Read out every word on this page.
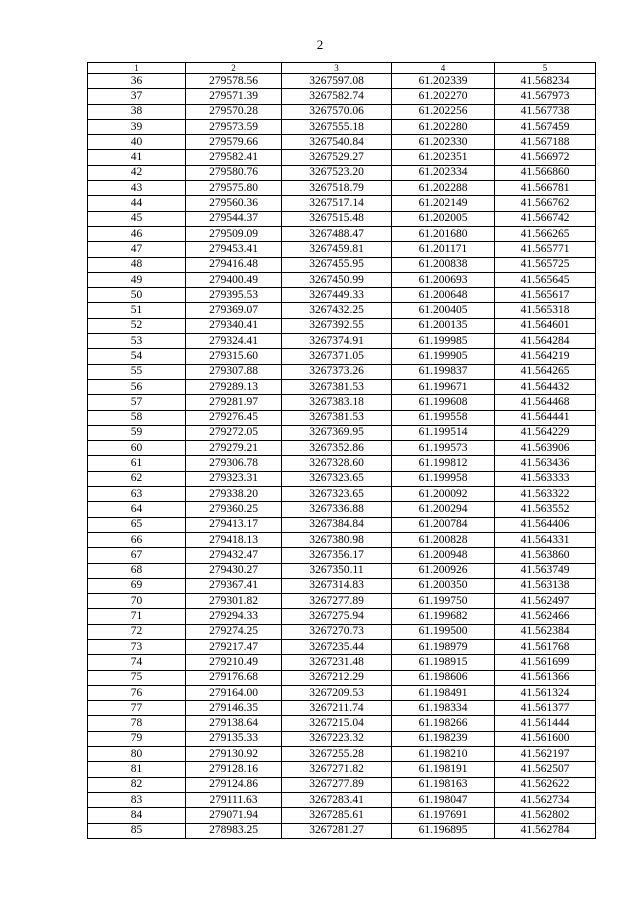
2
1	2	3	4	5
36	279578.56	3267597.08	61.202339	41.568234
37	279571.39	3267582.74	61.202270	41.567973
38	279570.28	3267570.06	61.202256	41.567738
39	279573.59	3267555.18	61.202280	41.567459
40	279579.66	3267540.84	61.202330	41.567188
41	279582.41	3267529.27	61.202351	41.566972
42	279580.76	3267523.20	61.202334	41.566860
43	279575.80	3267518.79	61.202288	41.566781
44	279560.36	3267517.14	61.202149	41.566762
45	279544.37	3267515.48	61.202005	41.566742
46	279509.09	3267488.47	61.201680	41.566265
47	279453.41	3267459.81	61.201171	41.565771
48	279416.48	3267455.95	61.200838	41.565725
49	279400.49	3267450.99	61.200693	41.565645
50	279395.53	3267449.33	61.200648	41.565617
51	279369.07	3267432.25	61.200405	41.565318
52	279340.41	3267392.55	61.200135	41.564601
53	279324.41	3267374.91	61.199985	41.564284
54	279315.60	3267371.05	61.199905	41.564219
55	279307.88	3267373.26	61.199837	41.564265
56	279289.13	3267381.53	61.199671	41.564432
57	279281.97	3267383.18	61.199608	41.564468
58	279276.45	3267381.53	61.199558	41.564441
59	279272.05	3267369.95	61.199514	41.564229
60	279279.21	3267352.86	61.199573	41.563906
61	279306.78	3267328.60	61.199812	41.563436
62	279323.31	3267323.65	61.199958	41.563333
63	279338.20	3267323.65	61.200092	41.563322
64	279360.25	3267336.88	61.200294	41.563552
65	279413.17	3267384.84	61.200784	41.564406
66	279418.13	3267380.98	61.200828	41.564331
67	279432.47	3267356.17	61.200948	41.563860
68	279430.27	3267350.11	61.200926	41.563749
69	279367.41	3267314.83	61.200350	41.563138
70	279301.82	3267277.89	61.199750	41.562497
71	279294.33	3267275.94	61.199682	41.562466
72	279274.25	3267270.73	61.199500	41.562384
73	279217.47	3267235.44	61.198979	41.561768
74	279210.49	3267231.48	61.198915	41.561699
75	279176.68	3267212.29	61.198606	41.561366
76	279164.00	3267209.53	61.198491	41.561324
77	279146.35	3267211.74	61.198334	41.561377
78	279138.64	3267215.04	61.198266	41.561444
79	279135.33	3267223.32	61.198239	41.561600
80	279130.92	3267255.28	61.198210	41.562197
81	279128.16	3267271.82	61.198191	41.562507
82	279124.86	3267277.89	61.198163	41.562622
83	279111.63	3267283.41	61.198047	41.562734
84	279071.94	3267285.61	61.197691	41.562802
85	278983.25	3267281.27	61.196895	41.562784
